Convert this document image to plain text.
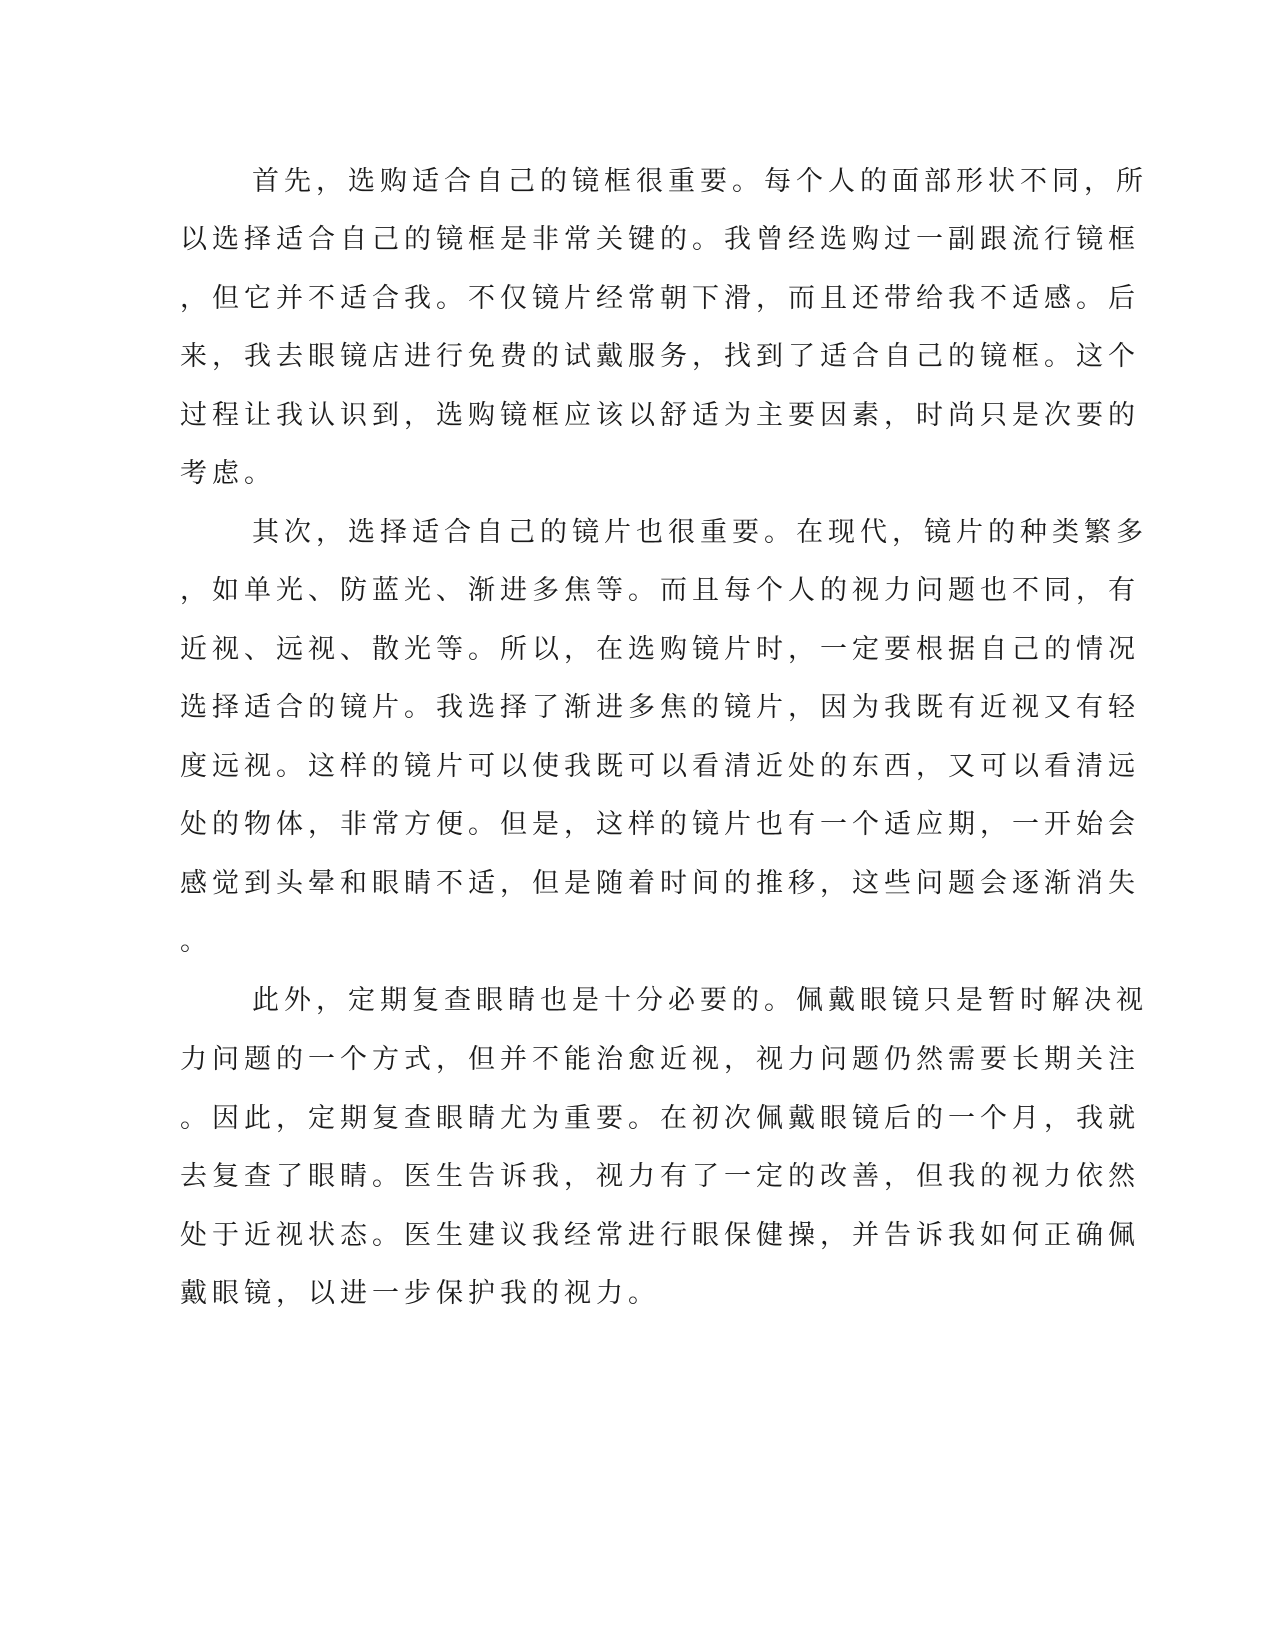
首先，选购适合自己的镜框很重要。每个人的面部形状不同，所
以选择适合自己的镜框是非常关键的。我曾经选购过一副跟流行镜框
，但它并不适合我。不仅镜片经常朝下滑，而且还带给我不适感。后
来，我去眼镜店进行免费的试戴服务，找到了适合自己的镜框。这个
过程让我认识到，选购镜框应该以舒适为主要因素，时尚只是次要的
考虑。
其次，选择适合自己的镜片也很重要。在现代，镜片的种类繁多
，如单光、防蓝光、渐进多焦等。而且每个人的视力问题也不同，有
近视、远视、散光等。所以，在选购镜片时，一定要根据自己的情况
选择适合的镜片。我选择了渐进多焦的镜片，因为我既有近视又有轻
度远视。这样的镜片可以使我既可以看清近处的东西，又可以看清远
处的物体，非常方便。但是，这样的镜片也有一个适应期，一开始会
感觉到头晕和眼睛不适，但是随着时间的推移，这些问题会逐渐消失
。
此外，定期复查眼睛也是十分必要的。佩戴眼镜只是暂时解决视
力问题的一个方式，但并不能治愈近视，视力问题仍然需要长期关注
。因此，定期复查眼睛尤为重要。在初次佩戴眼镜后的一个月，我就
去复查了眼睛。医生告诉我，视力有了一定的改善，但我的视力依然
处于近视状态。医生建议我经常进行眼保健操，并告诉我如何正确佩
戴眼镜，以进一步保护我的视力。
